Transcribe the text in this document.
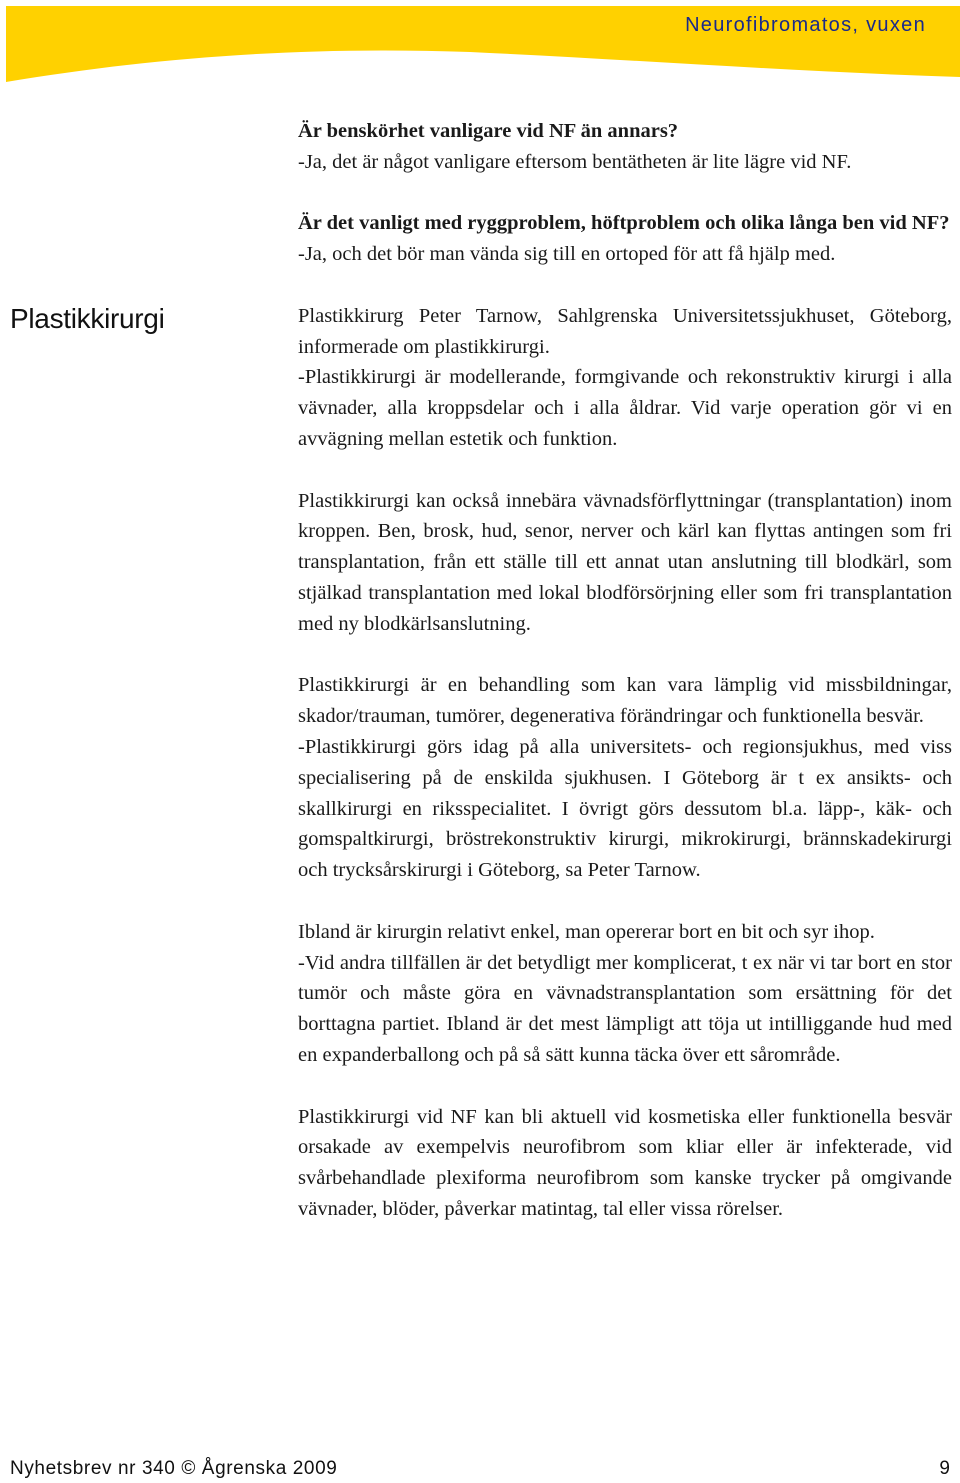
Neurofibromatos, vuxen
Plastikkirurgi

Är benskörhet vanligare vid NF än annars?

-Ja, det är något vanligare eftersom bentätheten är lite lägre vid NF.

Är det vanligt med ryggproblem, höftproblem och olika långa ben vid NF?

-Ja, och det bör man vända sig till en ortoped för att få hjälp med.

Plastikkirurg Peter Tarnow, Sahlgrenska Universitetssjukhuset, Göteborg, informerade om plastikkirurgi.

-Plastikkirurgi är modellerande, formgivande och rekonstruktiv kirurgi i alla vävnader, alla kroppsdelar och i alla åldrar. Vid varje operation gör vi en avvägning mellan estetik och funktion.

Plastikkirurgi kan också innebära vävnadsförflyttningar (transplantation) inom kroppen. Ben, brosk, hud, senor, nerver och kärl kan flyttas antingen som fri transplantation, från ett ställe till ett annat utan anslutning till blodkärl, som stjälkad transplantation med lokal blodförsörjning eller som fri transplantation med ny blodkärlsanslutning.

Plastikkirurgi är en behandling som kan vara lämplig vid missbildningar, skador/trauman, tumörer, degenerativa förändringar och funktionella besvär.

-Plastikkirurgi görs idag på alla universitets- och regionsjukhus, med viss specialisering på de enskilda sjukhusen. I Göteborg är t ex ansikts- och skallkirurgi en riksspecialitet. I övrigt görs dessutom bl.a. läpp-, käk- och gomspaltkirurgi, bröstrekonstruktiv kirurgi, mikrokirurgi, brännskadekirurgi och trycksårskirurgi i Göteborg, sa Peter Tarnow.

Ibland är kirurgin relativt enkel, man opererar bort en bit och syr ihop.

-Vid andra tillfällen är det betydligt mer komplicerat, t ex när vi tar bort en stor tumör och måste göra en vävnadstransplantation som ersättning för det borttagna partiet. Ibland är det mest lämpligt att töja ut intilliggande hud med en expanderballong och på så sätt kunna täcka över ett sårområde.

Plastikkirurgi vid NF kan bli aktuell vid kosmetiska eller funktionella besvär orsakade av exempelvis neurofibrom som kliar eller är infekterade, vid svårbehandlade plexiforma neurofibrom som kanske trycker på omgivande vävnader, blöder, påverkar matintag, tal eller vissa rörelser.

Nyhetsbrev nr 340 © Ågrenska 2009	9
